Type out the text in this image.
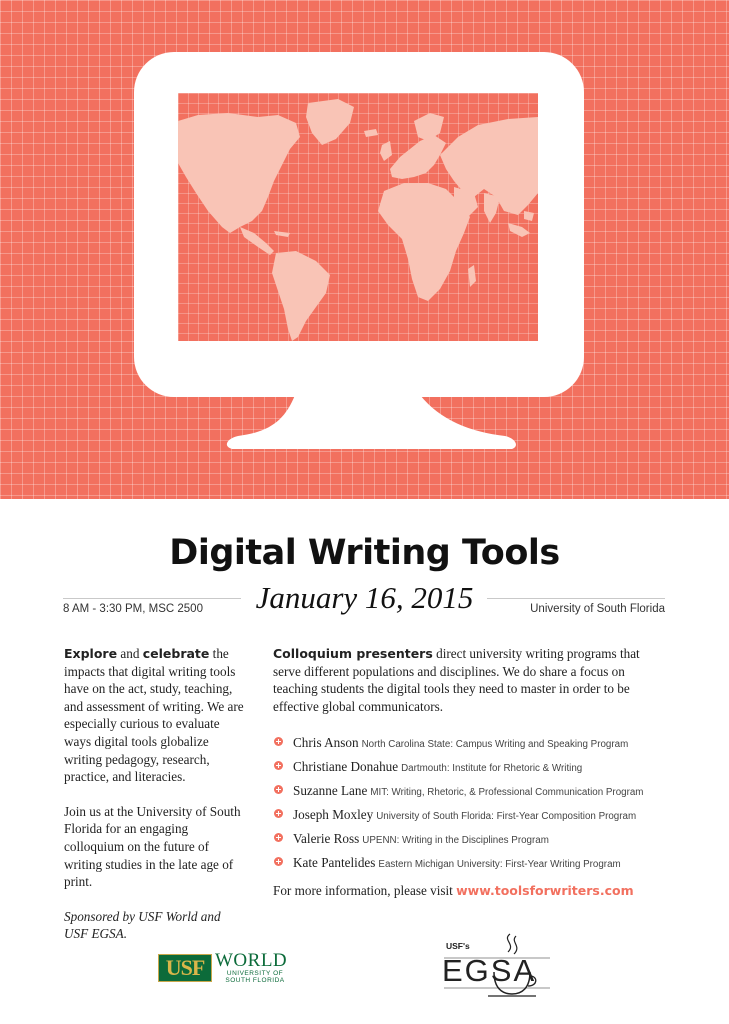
Digital Writing Tools
January 16, 2015
8 AM - 3:30 PM, MSC 2500	University of South Florida

Explore and celebrate the impacts that digital writing tools have on the act, study, teaching, and assessment of writing. We are especially curious to evaluate ways digital tools globalize writing pedagogy, research, practice, and literacies.

Join us at the University of South Florida for an engaging colloquium on the future of writing studies in the late age of print.

Sponsored by USF World and USF EGSA.

Colloquium presenters direct university writing programs that serve different populations and disciplines. We do share a focus on teaching students the digital tools they need to master in order to be effective global communicators.

Chris Anson North Carolina State: Campus Writing and Speaking Program
Christiane Donahue Dartmouth: Institute for Rhetoric & Writing
Suzanne Lane MIT: Writing, Rhetoric, & Professional Communication Program
Joseph Moxley University of South Florida: First-Year Composition Program
Valerie Ross UPENN: Writing in the Disciplines Program
Kate Pantelides Eastern Michigan University: First-Year Writing Program
For more information, please visit www.toolsforwriters.com
USF WORLD
UNIVERSITY OF SOUTH FLORIDA
USF's
EGSA
